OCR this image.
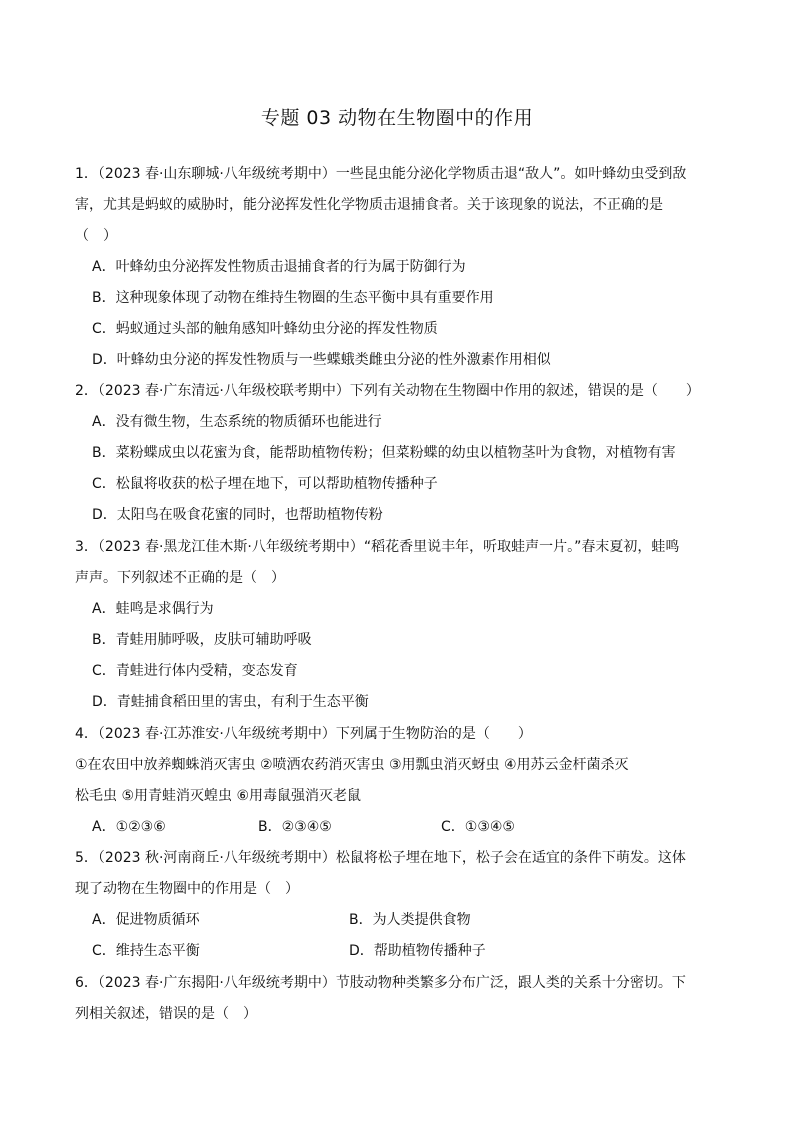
专题 03 动物在生物圈中的作用
1．（2023 春·山东聊城·八年级统考期中）一些昆虫能分泌化学物质击退“敌人”。如叶蜂幼虫受到敌
害，尤其是蚂蚁的威胁时，能分泌挥发性化学物质击退捕食者。关于该现象的说法，不正确的是
（　）
A．叶蜂幼虫分泌挥发性物质击退捕食者的行为属于防御行为
B．这种现象体现了动物在维持生物圈的生态平衡中具有重要作用
C．蚂蚁通过头部的触角感知叶蜂幼虫分泌的挥发性物质
D．叶蜂幼虫分泌的挥发性物质与一些蝶蛾类雌虫分泌的性外激素作用相似
2．（2023 春·广东清远·八年级校联考期中）下列有关动物在生物圈中作用的叙述，错误的是（　　）
A．没有微生物，生态系统的物质循环也能进行
B．菜粉蝶成虫以花蜜为食，能帮助植物传粉；但菜粉蝶的幼虫以植物茎叶为食物，对植物有害
C．松鼠将收获的松子埋在地下，可以帮助植物传播种子
D．太阳鸟在吸食花蜜的同时，也帮助植物传粉
3．（2023 春·黑龙江佳木斯·八年级统考期中）“稻花香里说丰年，听取蛙声一片。”春末夏初，蛙鸣
声声。下列叙述不正确的是（　）
A．蛙鸣是求偶行为
B．青蛙用肺呼吸，皮肤可辅助呼吸
C．青蛙进行体内受精，变态发育
D．青蛙捕食稻田里的害虫，有利于生态平衡
4．（2023 春·江苏淮安·八年级统考期中）下列属于生物防治的是（　　）
①在农田中放养蜘蛛消灭害虫 ②喷洒农药消灭害虫 ③用瓢虫消灭蚜虫 ④用苏云金杆菌杀灭
松毛虫 ⑤用青蛙消灭蝗虫 ⑥用毒鼠强消灭老鼠
A．①②③⑥	B．②③④⑤	C．①③④⑤
5．（2023 秋·河南商丘·八年级统考期中）松鼠将松子埋在地下，松子会在适宜的条件下萌发。这体
现了动物在生物圈中的作用是（　）
A．促进物质循环	B．为人类提供食物
C．维持生态平衡	D．帮助植物传播种子
6．（2023 春·广东揭阳·八年级统考期中）节肢动物种类繁多分布广泛，跟人类的关系十分密切。下
列相关叙述，错误的是（　）
